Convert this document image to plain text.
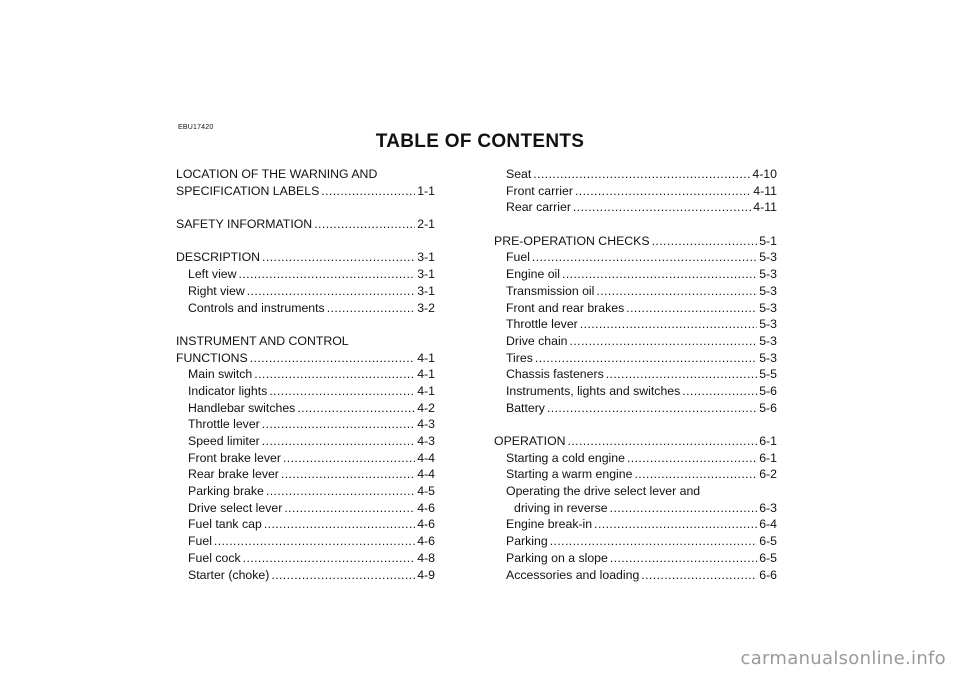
EBU17420
TABLE OF CONTENTS
LOCATION OF THE WARNING AND
SPECIFICATION LABELS .....	1-1
SAFETY INFORMATION .....	2-1
DESCRIPTION .....	3-1
Left view .....	3-1
Right view .....	3-1
Controls and instruments .....	3-2
INSTRUMENT AND CONTROL
FUNCTIONS .....	4-1
Main switch .....	4-1
Indicator lights .....	4-1
Handlebar switches .....	4-2
Throttle lever .....	4-3
Speed limiter .....	4-3
Front brake lever .....	4-4
Rear brake lever .....	4-4
Parking brake .....	4-5
Drive select lever .....	4-6
Fuel tank cap .....	4-6
Fuel .....	4-6
Fuel cock .....	4-8
Starter (choke) .....	4-9
Seat .....	4-10
Front carrier .....	4-11
Rear carrier .....	4-11
PRE-OPERATION CHECKS .....	5-1
Fuel .....	5-3
Engine oil .....	5-3
Transmission oil .....	5-3
Front and rear brakes .....	5-3
Throttle lever .....	5-3
Drive chain .....	5-3
Tires .....	5-3
Chassis fasteners .....	5-5
Instruments, lights and switches .....	5-6
Battery .....	5-6
OPERATION .....	6-1
Starting a cold engine .....	6-1
Starting a warm engine .....	6-2
Operating the drive select lever and
driving in reverse .....	6-3
Engine break-in .....	6-4
Parking .....	6-5
Parking on a slope .....	6-5
Accessories and loading .....	6-6
carmanualsonline.info
